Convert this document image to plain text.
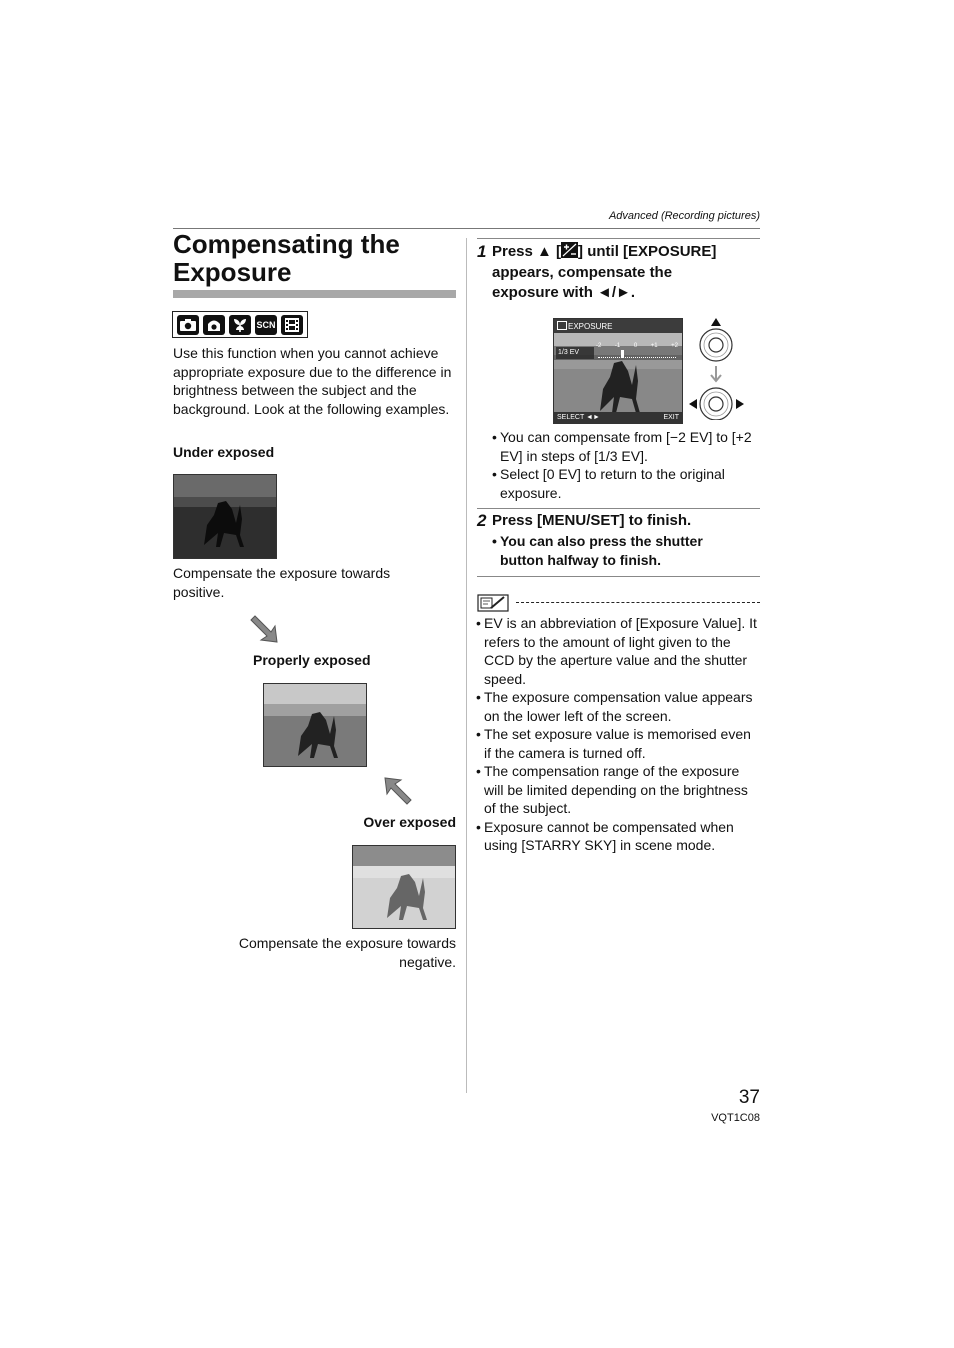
Advanced (Recording pictures)
Compensating the
Exposure
SCN
Use this function when you cannot achieve appropriate exposure due to the difference in brightness between the subject and the background. Look at the following examples.
Under exposed
Compensate the exposure towards
positive.
Properly exposed
Over exposed
Compensate the exposure towards
negative.
1 Press ▲ [ ] until [EXPOSURE]
appears, compensate the
exposure with ◄/►.
EXPOSURE
1/3 EV
-2 -1 0 +1 +2
SELECT ◄►	EXIT
• You can compensate from [−2 EV] to [+2 EV] in steps of [1/3 EV].
• Select [0 EV] to return to the original exposure.
2 Press [MENU/SET] to finish.
• You can also press the shutter
button halfway to finish.
• EV is an abbreviation of [Exposure Value]. It refers to the amount of light given to the CCD by the aperture value and the shutter speed.
• The exposure compensation value appears on the lower left of the screen.
• The set exposure value is memorised even if the camera is turned off.
• The compensation range of the exposure will be limited depending on the brightness of the subject.
• Exposure cannot be compensated when using [STARRY SKY] in scene mode.
37
VQT1C08
